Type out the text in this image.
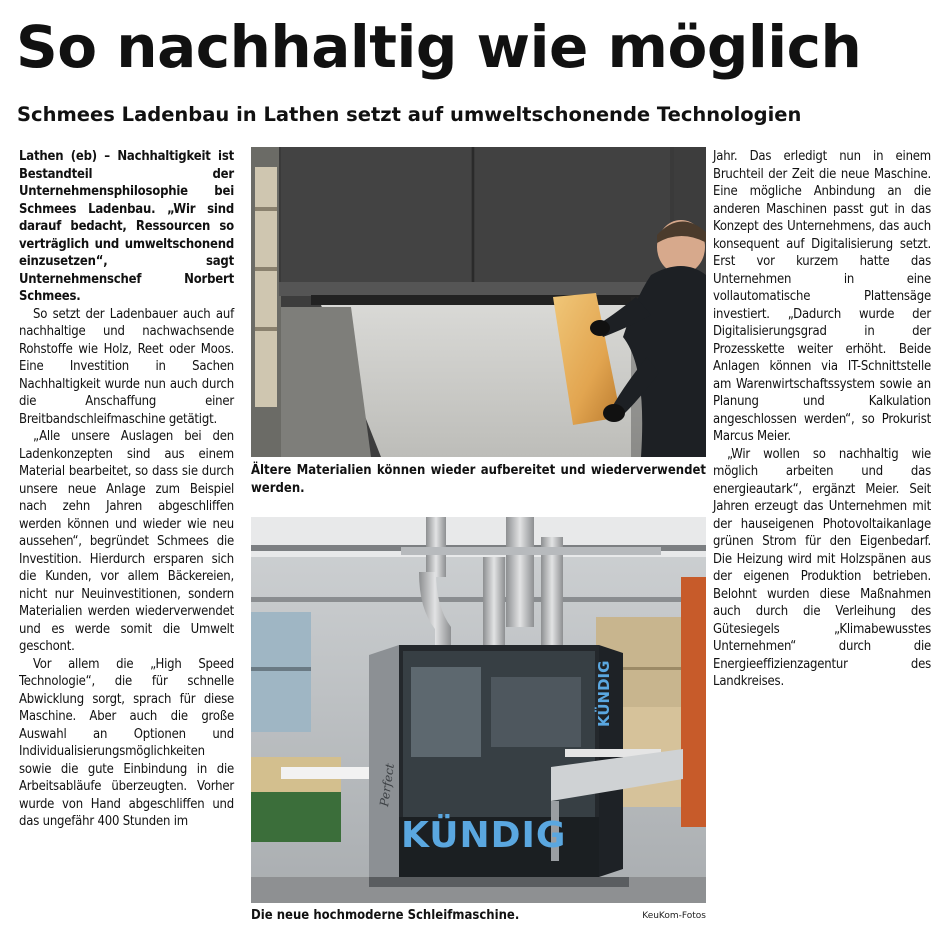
So nachhaltig wie möglich
Schmees Ladenbau in Lathen setzt auf umweltschonende Technologien
Lathen (eb) – Nachhaltigkeit ist Bestandteil der Unternehmensphilosophie bei Schmees Ladenbau. „Wir sind darauf bedacht, Ressourcen so verträglich und umweltschonend einzusetzen“, sagt Unternehmenschef Norbert Schmees.
So setzt der Ladenbauer auch auf nachhaltige und nachwachsende Rohstoffe wie Holz, Reet oder Moos. Eine Investition in Sachen Nachhaltigkeit wurde nun auch durch die Anschaffung einer Breitbandschleifmaschine getätigt.
„Alle unsere Auslagen bei den Ladenkonzepten sind aus einem Material bearbeitet, so dass sie durch unsere neue Anlage zum Beispiel nach zehn Jahren abgeschliffen werden können und wieder wie neu aussehen“, begründet Schmees die Investition. Hierdurch ersparen sich die Kunden, vor allem Bäckereien, nicht nur Neuinvestitionen, sondern Materialien werden wiederverwendet und es werde somit die Umwelt geschont.
Vor allem die „High Speed Technologie“, die für schnelle Abwicklung sorgt, sprach für diese Maschine. Aber auch die große Auswahl an Optionen und Individualisierungsmöglichkeiten sowie die gute Einbindung in die Arbeitsabläufe überzeugten. Vorher wurde von Hand abgeschliffen und das ungefähr 400 Stunden im
Ältere Materialien können wieder aufbereitet und wiederverwendet werden.
KÜNDIG
KÜNDIG
Perfect
Die neue hochmoderne Schleifmaschine.	KeuKom-Fotos
Jahr. Das erledigt nun in einem Bruchteil der Zeit die neue Maschine. Eine mögliche Anbindung an die anderen Maschinen passt gut in das Konzept des Unternehmens, das auch konsequent auf Digitalisierung setzt. Erst vor kurzem hatte das Unternehmen in eine vollautomatische Plattensäge investiert. „Dadurch wurde der Digitalisierungsgrad in der Prozesskette weiter erhöht. Beide Anlagen können via IT-Schnittstelle am Warenwirtschaftssystem sowie an Planung und Kalkulation angeschlossen werden“, so Prokurist Marcus Meier.
„Wir wollen so nachhaltig wie möglich arbeiten und das energieautark“, ergänzt Meier. Seit Jahren erzeugt das Unternehmen mit der hauseigenen Photovoltaikanlage grünen Strom für den Eigenbedarf. Die Heizung wird mit Holzspänen aus der eigenen Produktion betrieben. Belohnt wurden diese Maßnahmen auch durch die Verleihung des Gütesiegels „Klimabewusstes Unternehmen“ durch die Energieeffizienzagentur des Landkreises.
